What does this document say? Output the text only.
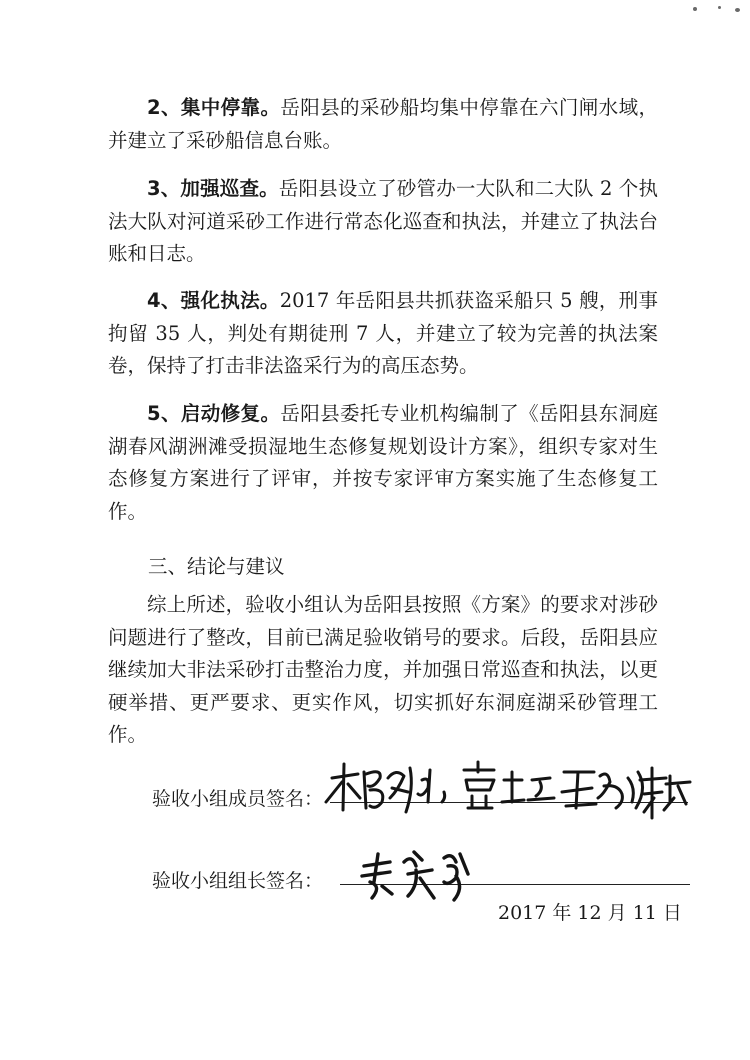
2、集中停靠。岳阳县的采砂船均集中停靠在六门闸水域，并建立了采砂船信息台账。

3、加强巡查。岳阳县设立了砂管办一大队和二大队 2 个执法大队对河道采砂工作进行常态化巡查和执法，并建立了执法台账和日志。

4、强化执法。2017 年岳阳县共抓获盗采船只 5 艘，刑事拘留 35 人，判处有期徒刑 7 人，并建立了较为完善的执法案卷，保持了打击非法盗采行为的高压态势。

5、启动修复。岳阳县委托专业机构编制了《岳阳县东洞庭湖春风湖洲滩受损湿地生态修复规划设计方案》，组织专家对生态修复方案进行了评审，并按专家评审方案实施了生态修复工作。

三、结论与建议

综上所述，验收小组认为岳阳县按照《方案》的要求对涉砂问题进行了整改，目前已满足验收销号的要求。后段，岳阳县应继续加大非法采砂打击整治力度，并加强日常巡查和执法，以更硬举措、更严要求、更实作风，切实抓好东洞庭湖采砂管理工作。

验收小组成员签名：
验收小组组长签名：
2017 年 12 月 11 日
